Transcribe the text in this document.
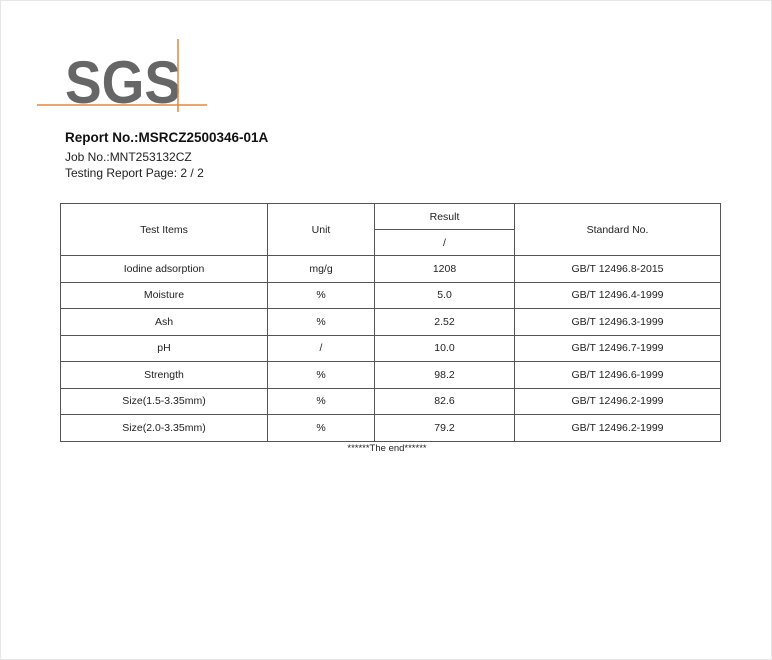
SGS
Report No.:MSRCZ2500346-01A
Job No.:MNT253132CZ
Testing Report Page: 2 / 2
Test Items	Unit	Result	Standard No.
		/	
Iodine adsorption	mg/g	1208	GB/T 12496.8-2015
Moisture	%	5.0	GB/T 12496.4-1999
Ash	%	2.52	GB/T 12496.3-1999
pH	/	10.0	GB/T 12496.7-1999
Strength	%	98.2	GB/T 12496.6-1999
Size(1.5-3.35mm)	%	82.6	GB/T 12496.2-1999
Size(2.0-3.35mm)	%	79.2	GB/T 12496.2-1999
******The end******
